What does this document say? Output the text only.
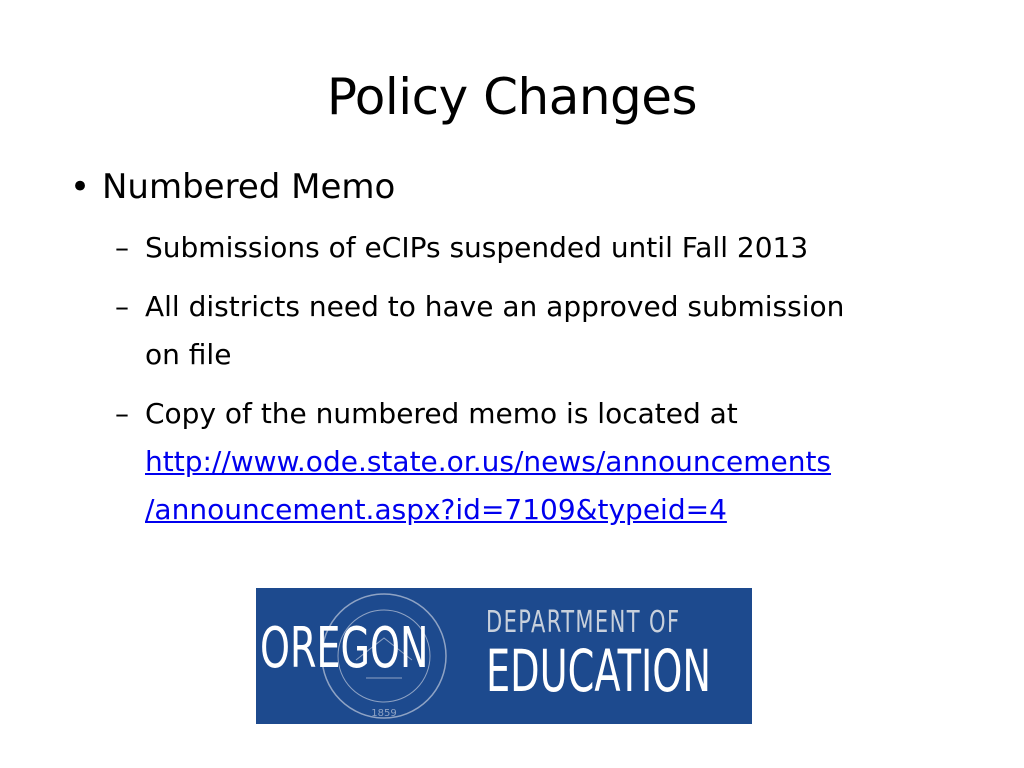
Policy Changes
• Numbered Memo
– Submissions of eCIPs suspended until Fall 2013
– All districts need to have an approved submission
on file
– Copy of the numbered memo is located at
http://www.ode.state.or.us/news/announcements
/announcement.aspx?id=7109&typeid=4
1859
OREGON DEPARTMENT OF
EDUCATION
